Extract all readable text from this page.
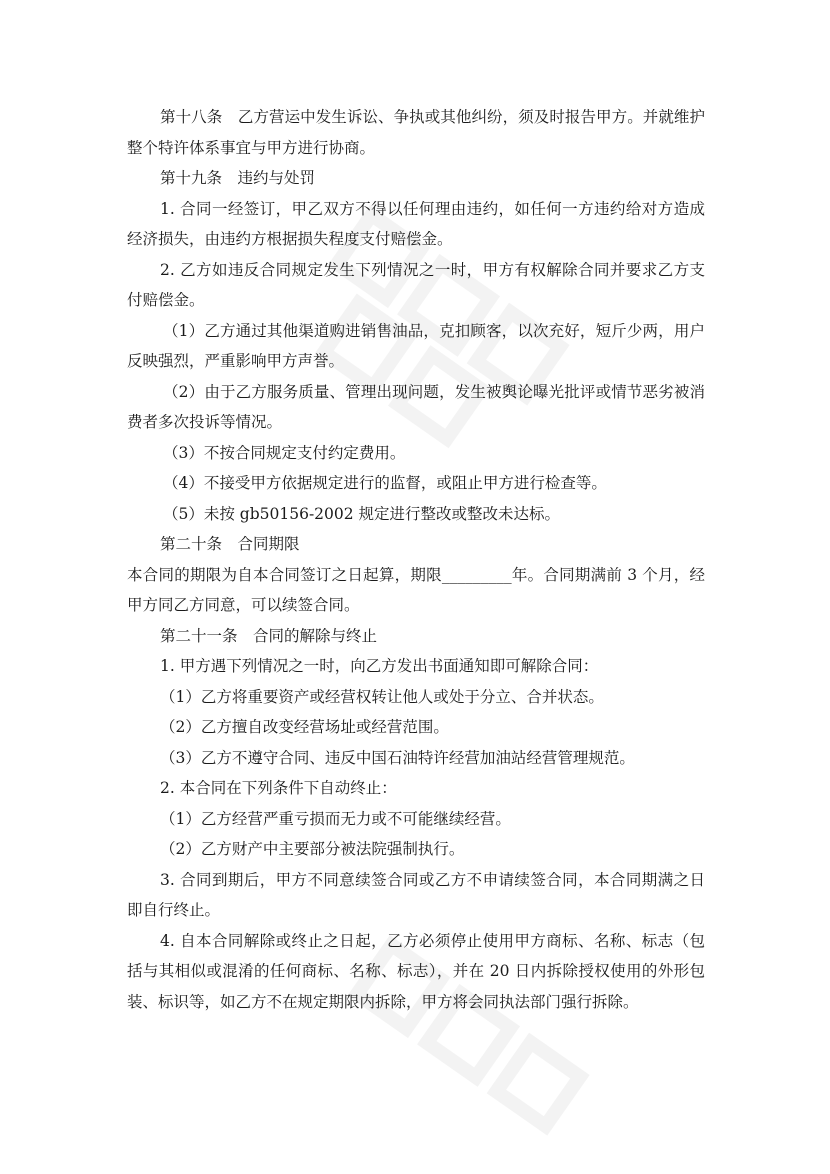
第十八条　乙方营运中发生诉讼、争执或其他纠纷，须及时报告甲方。并就维护整个特许体系事宜与甲方进行协商。

第十九条　违约与处罚

1. 合同一经签订，甲乙双方不得以任何理由违约，如任何一方违约给对方造成经济损失，由违约方根据损失程度支付赔偿金。

2. 乙方如违反合同规定发生下列情况之一时，甲方有权解除合同并要求乙方支付赔偿金。

（1）乙方通过其他渠道购进销售油品，克扣顾客，以次充好，短斤少两，用户反映强烈，严重影响甲方声誉。

（2）由于乙方服务质量、管理出现问题，发生被舆论曝光批评或情节恶劣被消费者多次投诉等情况。

（3）不按合同规定支付约定费用。

（4）不接受甲方依据规定进行的监督，或阻止甲方进行检查等。

（5）未按 gb50156-2002 规定进行整改或整改未达标。

第二十条　合同期限

本合同的期限为自本合同签订之日起算，期限_________年。合同期满前 3 个月，经甲方同乙方同意，可以续签合同。

第二十一条　合同的解除与终止

1. 甲方遇下列情况之一时，向乙方发出书面通知即可解除合同：

（1）乙方将重要资产或经营权转让他人或处于分立、合并状态。

（2）乙方擅自改变经营场址或经营范围。

（3）乙方不遵守合同、违反中国石油特许经营加油站经营管理规范。

2. 本合同在下列条件下自动终止：

（1）乙方经营严重亏损而无力或不可能继续经营。

（2）乙方财产中主要部分被法院强制执行。

3. 合同到期后，甲方不同意续签合同或乙方不申请续签合同，本合同期满之日即自行终止。

4. 自本合同解除或终止之日起，乙方必须停止使用甲方商标、名称、标志（包括与其相似或混淆的任何商标、名称、标志），并在 20 日内拆除授权使用的外形包装、标识等，如乙方不在规定期限内拆除，甲方将会同执法部门强行拆除。
